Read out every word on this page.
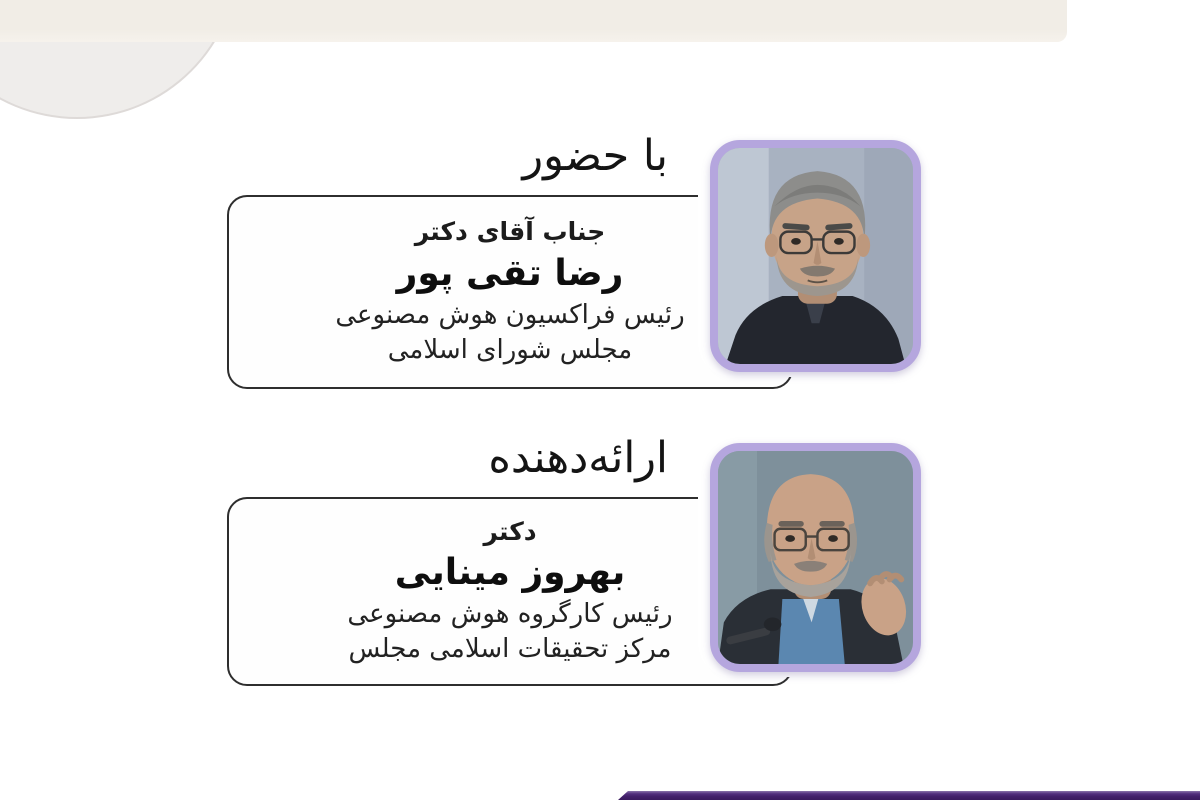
با حضور
جناب آقای دکتر
رضا تقی پور
رئیس فراکسیون هوش مصنوعی
مجلس شورای اسلامی
ارائه‌دهنده
دکتر
بهروز مینایی
رئیس کارگروه هوش مصنوعی
مرکز تحقیقات اسلامی مجلس
